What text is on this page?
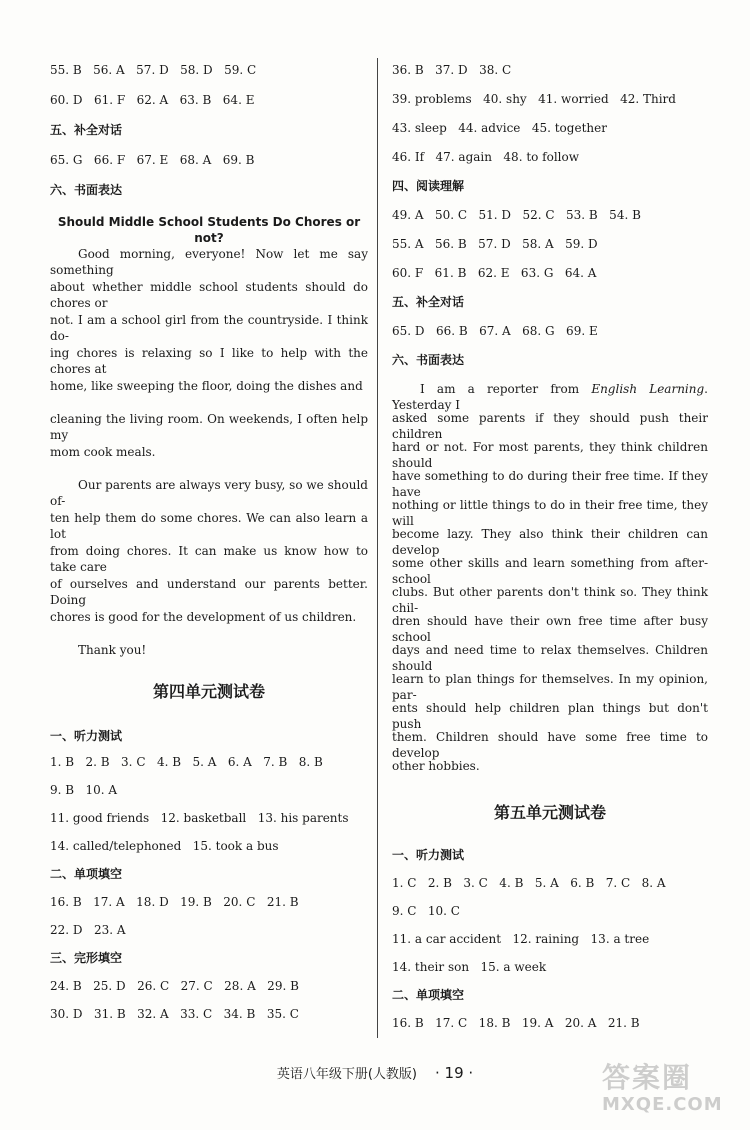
55. B   56. A   57. D   58. D   59. C
60. D   61. F   62. A   63. B   64. E
五、补全对话
65. G   66. F   67. E   68. A   69. B
六、书面表达
Should Middle School Students Do Chores or not?
Good morning, everyone! Now let me say something
about whether middle school students should do chores or
not. I am a school girl from the countryside. I think do-
ing chores is relaxing so I like to help with the chores at
home, like sweeping the floor, doing the dishes and
cleaning the living room. On weekends, I often help my
mom cook meals.
Our parents are always very busy, so we should of-
ten help them do some chores. We can also learn a lot
from doing chores. It can make us know how to take care
of ourselves and understand our parents better. Doing
chores is good for the development of us children.
Thank you!
第四单元测试卷
一、听力测试
1. B   2. B   3. C   4. B   5. A   6. A   7. B   8. B
9. B   10. A
11. good friends   12. basketball   13. his parents
14. called/telephoned   15. took a bus
二、单项填空
16. B   17. A   18. D   19. B   20. C   21. B
22. D   23. A
三、完形填空
24. B   25. D   26. C   27. C   28. A   29. B
30. D   31. B   32. A   33. C   34. B   35. C
36. B   37. D   38. C
39. problems   40. shy   41. worried   42. Third
43. sleep   44. advice   45. together
46. If   47. again   48. to follow
四、阅读理解
49. A   50. C   51. D   52. C   53. B   54. B
55. A   56. B   57. D   58. A   59. D
60. F   61. B   62. E   63. G   64. A
五、补全对话
65. D   66. B   67. A   68. G   69. E
六、书面表达
I am a reporter from English Learning. Yesterday I
asked some parents if they should push their children
hard or not. For most parents, they think children should
have something to do during their free time. If they have
nothing or little things to do in their free time, they will
become lazy. They also think their children can develop
some other skills and learn something from after-school
clubs. But other parents don't think so. They think chil-
dren should have their own free time after busy school
days and need time to relax themselves. Children should
learn to plan things for themselves. In my opinion, par-
ents should help children plan things but don't push
them. Children should have some free time to develop
other hobbies.
第五单元测试卷
一、听力测试
1. C   2. B   3. C   4. B   5. A   6. B   7. C   8. A
9. C   10. C
11. a car accident   12. raining   13. a tree
14. their son   15. a week
二、单项填空
16. B   17. C   18. B   19. A   20. A   21. B
英语八年级下册(人教版) · 19 ·	答案圈
MXQE.COM
